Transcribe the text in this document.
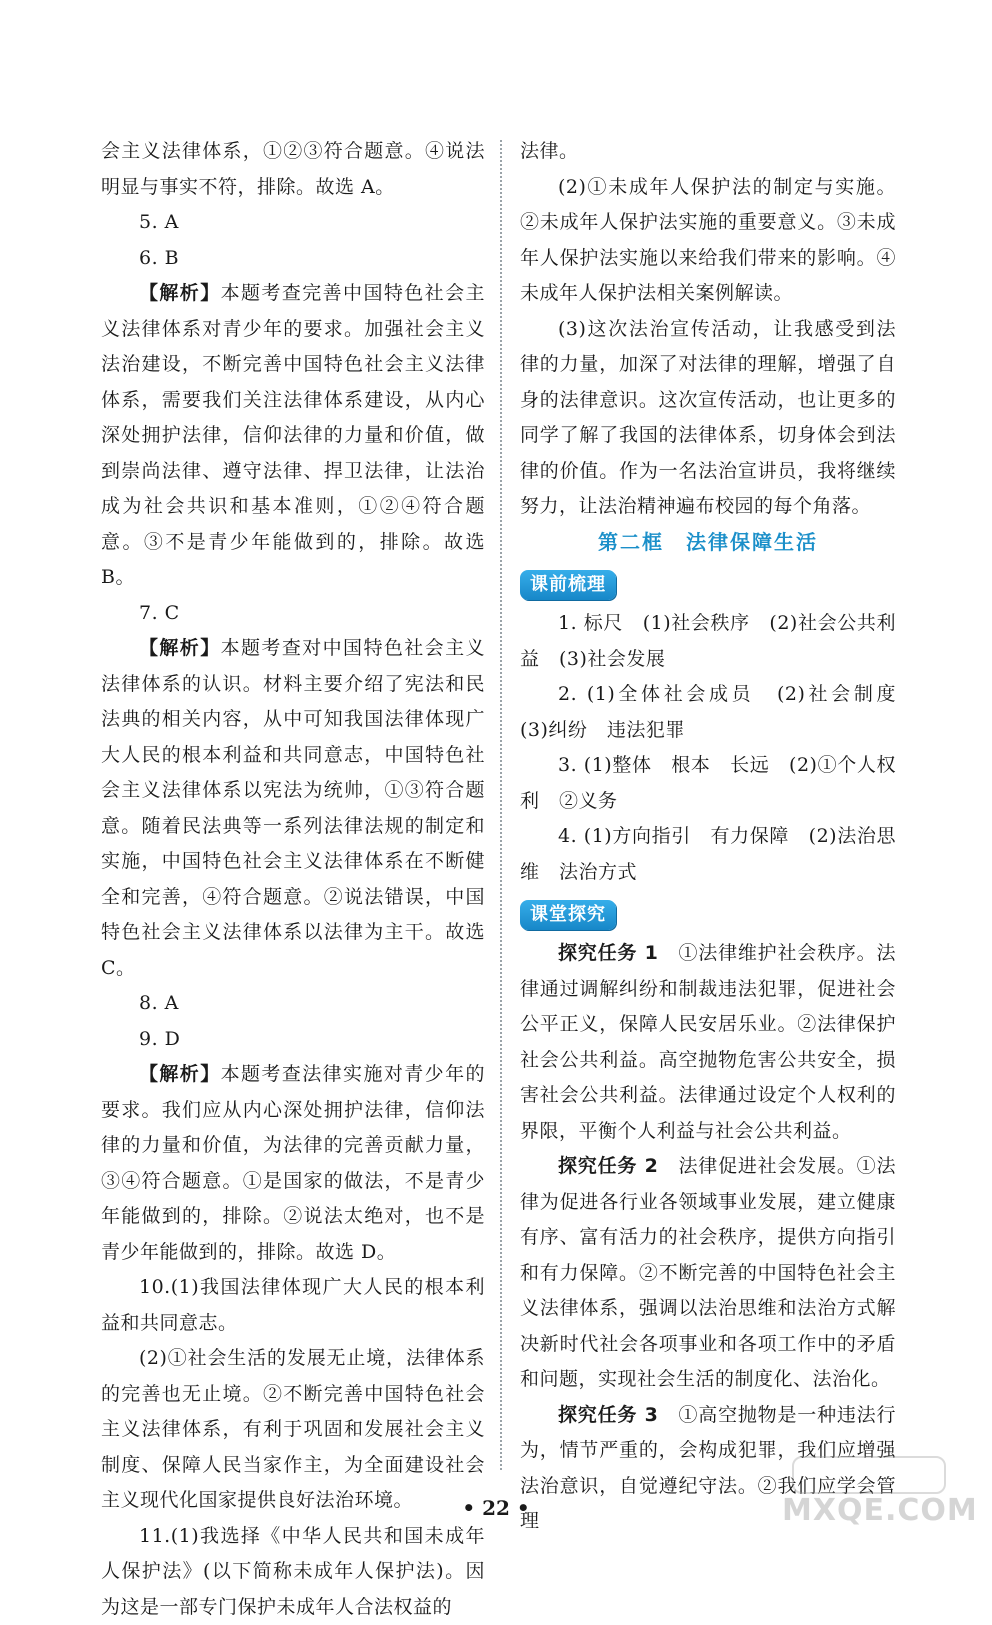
会主义法律体系，①②③符合题意。④说法明显与事实不符，排除。故选 A。

5. A

6. B

【解析】本题考查完善中国特色社会主义法律体系对青少年的要求。加强社会主义法治建设，不断完善中国特色社会主义法律体系，需要我们关注法律体系建设，从内心深处拥护法律，信仰法律的力量和价值，做到崇尚法律、遵守法律、捍卫法律，让法治成为社会共识和基本准则，①②④符合题意。③不是青少年能做到的，排除。故选 B。

7. C

【解析】本题考查对中国特色社会主义法律体系的认识。材料主要介绍了宪法和民法典的相关内容，从中可知我国法律体现广大人民的根本利益和共同意志，中国特色社会主义法律体系以宪法为统帅，①③符合题意。随着民法典等一系列法律法规的制定和实施，中国特色社会主义法律体系在不断健全和完善，④符合题意。②说法错误，中国特色社会主义法律体系以法律为主干。故选 C。

8. A

9. D

【解析】本题考查法律实施对青少年的要求。我们应从内心深处拥护法律，信仰法律的力量和价值，为法律的完善贡献力量，③④符合题意。①是国家的做法，不是青少年能做到的，排除。②说法太绝对，也不是青少年能做到的，排除。故选 D。

10.(1)我国法律体现广大人民的根本利益和共同意志。

(2)①社会生活的发展无止境，法律体系的完善也无止境。②不断完善中国特色社会主义法律体系，有利于巩固和发展社会主义制度、保障人民当家作主，为全面建设社会主义现代化国家提供良好法治环境。

11.(1)我选择《中华人民共和国未成年人保护法》(以下简称未成年人保护法)。因为这是一部专门保护未成年人合法权益的

法律。

(2)①未成年人保护法的制定与实施。②未成年人保护法实施的重要意义。③未成年人保护法实施以来给我们带来的影响。④未成年人保护法相关案例解读。

(3)这次法治宣传活动，让我感受到法律的力量，加深了对法律的理解，增强了自身的法律意识。这次宣传活动，也让更多的同学了解了我国的法律体系，切身体会到法律的价值。作为一名法治宣讲员，我将继续努力，让法治精神遍布校园的每个角落。

第二框　法律保障生活

课前梳理

1. 标尺　(1)社会秩序　(2)社会公共利益　(3)社会发展

2. (1)全体社会成员　(2)社会制度　(3)纠纷　违法犯罪

3. (1)整体　根本　长远　(2)①个人权利　②义务

4. (1)方向指引　有力保障　(2)法治思维　法治方式

课堂探究

探究任务 1　①法律维护社会秩序。法律通过调解纠纷和制裁违法犯罪，促进社会公平正义，保障人民安居乐业。②法律保护社会公共利益。高空抛物危害公共安全，损害社会公共利益。法律通过设定个人权利的界限，平衡个人利益与社会公共利益。

探究任务 2　法律促进社会发展。①法律为促进各行业各领域事业发展，建立健康有序、富有活力的社会秩序，提供方向指引和有力保障。②不断完善的中国特色社会主义法律体系，强调以法治思维和法治方式解决新时代社会各项事业和各项工作中的矛盾和问题，实现社会生活的制度化、法治化。

探究任务 3　①高空抛物是一种违法行为，情节严重的，会构成犯罪，我们应增强法治意识，自觉遵纪守法。②我们应学会管理

• 22 •	MXQE.COM
